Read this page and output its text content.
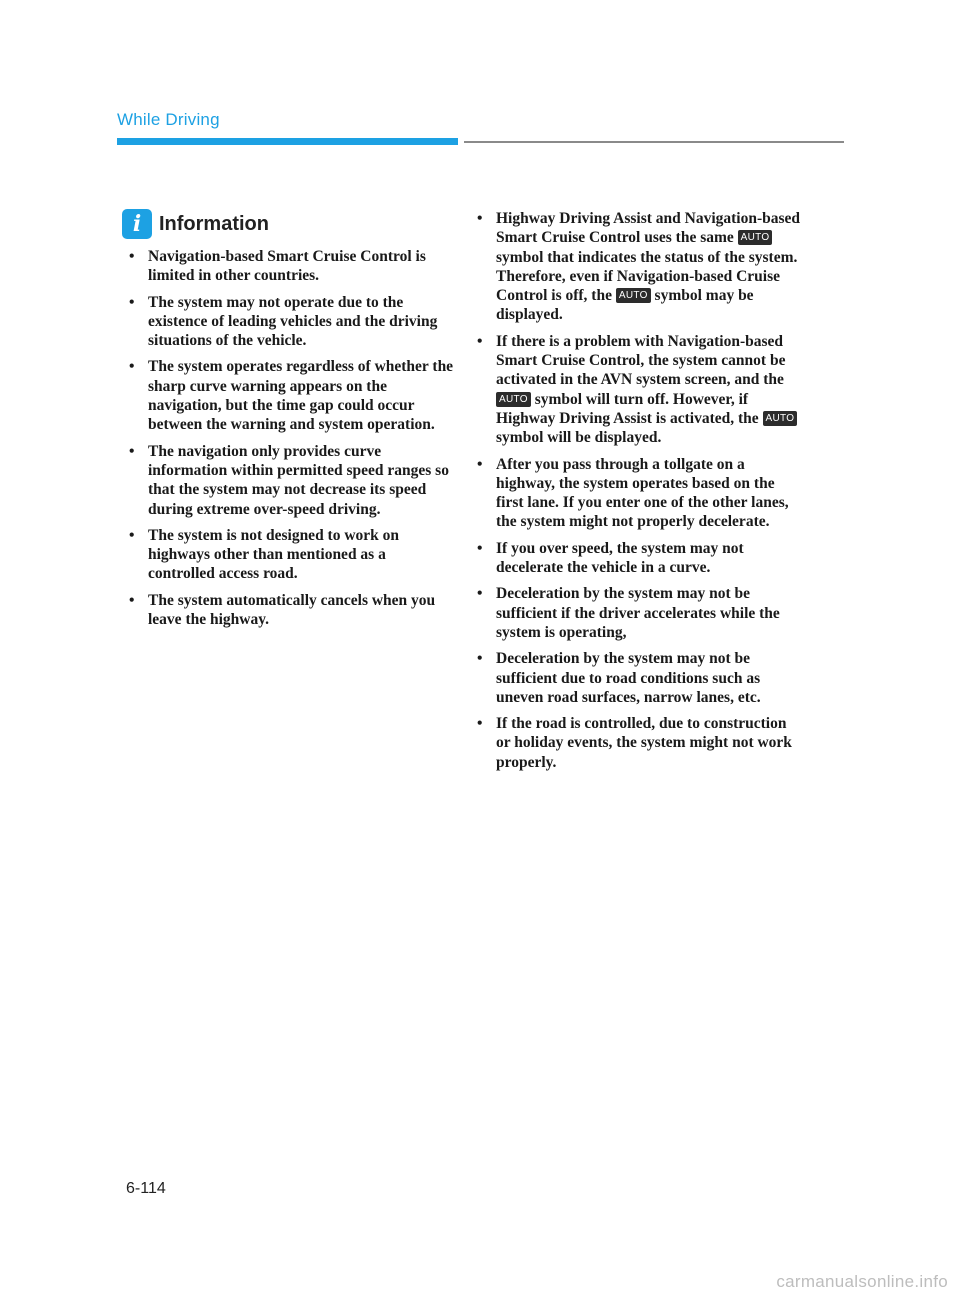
While Driving
i Information
• Navigation-based Smart Cruise Control is limited in other countries.
• The system may not operate due to the existence of leading vehicles and the driving situations of the vehicle.
• The system operates regardless of whether the sharp curve warning appears on the navigation, but the time gap could occur between the warning and system operation.
• The navigation only provides curve information within permitted speed ranges so that the system may not decrease its speed during extreme over-speed driving.
• The system is not designed to work on highways other than mentioned as a controlled access road.
• The system automatically cancels when you leave the highway.
• Highway Driving Assist and Navigation-based Smart Cruise Control uses the same AUTO symbol that indicates the status of the system. Therefore, even if Navigation-based Cruise Control is off, the AUTO symbol may be displayed.
• If there is a problem with Navigation-based Smart Cruise Control, the system cannot be activated in the AVN system screen, and the AUTO symbol will turn off. However, if Highway Driving Assist is activated, the AUTO symbol will be displayed.
• After you pass through a tollgate on a highway, the system operates based on the first lane. If you enter one of the other lanes, the system might not properly decelerate.
• If you over speed, the system may not decelerate the vehicle in a curve.
• Deceleration by the system may not be sufficient if the driver accelerates while the system is operating,
• Deceleration by the system may not be sufficient due to road conditions such as uneven road surfaces, narrow lanes, etc.
• If the road is controlled, due to construction or holiday events, the system might not work properly.
6-114
carmanualsonline.info
